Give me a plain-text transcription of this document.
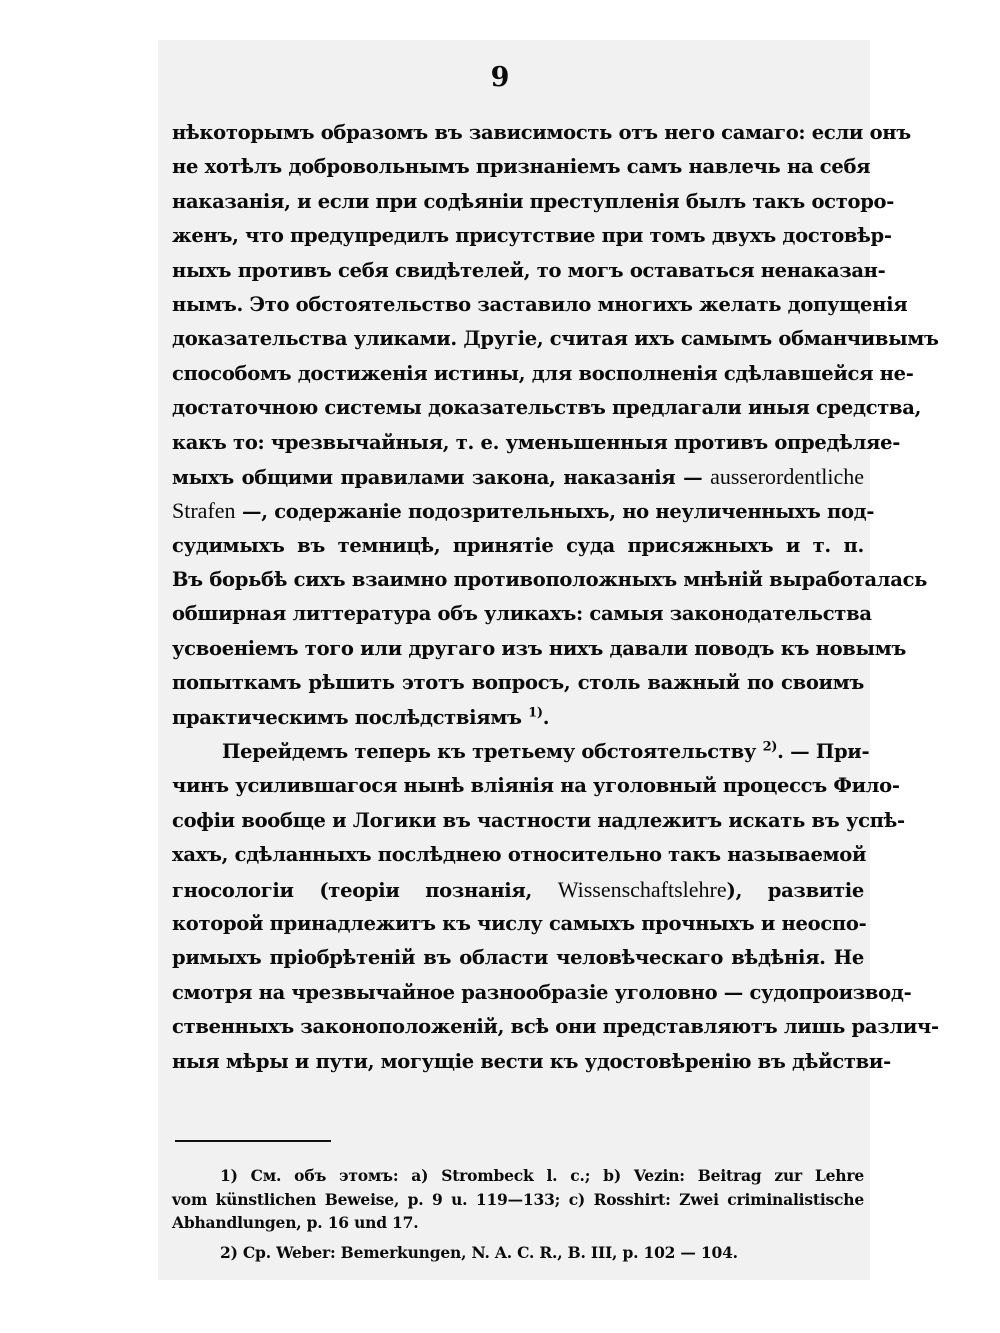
9
нѣкоторымъ образомъ въ зависимость отъ него самаго: если онъ
не хотѣлъ добровольнымъ признаніемъ самъ навлечь на себя
наказанія, и если при содѣяніи преступленія былъ такъ осторо-
женъ, что предупредилъ присутствие при томъ двухъ достовѣр-
ныхъ противъ себя свидѣтелей, то могъ оставаться ненаказан-
нымъ. Это обстоятельство заставило многихъ желать допущенія
доказательства уликами. Другіе, считая ихъ самымъ обманчивымъ
способомъ достиженія истины, для восполненія сдѣлавшейся не-
достаточною системы доказательствъ предлагали иныя средства,
какъ то: чрезвычайныя, т. е. уменьшенныя противъ опредѣляе-
мыхъ общими правилами закона, наказанія — ausserordentliche
Strafen —, содержаніе подозрительныхъ, но неуличенныхъ под-
судимыхъ въ темницѣ, принятіе суда присяжныхъ и т. п.
Въ борьбѣ сихъ взаимно противоположныхъ мнѣній выработалась
обширная литтература объ уликахъ: самыя законодательства
усвоеніемъ того или другаго изъ нихъ давали поводъ къ новымъ
попыткамъ рѣшить этотъ вопросъ, столь важный по своимъ
практическимъ послѣдствіямъ $^{1)}$.
Перейдемъ теперь къ третьему обстоятельству $^{2)}$. — При-
чинъ усилившагося нынѣ вліянія на уголовный процессъ Фило-
софіи вообще и Логики въ частности надлежитъ искать въ успѣ-
хахъ, сдѣланныхъ послѣднею относительно такъ называемой
гносологіи (теоріи познанія, Wissenschaftslehre), развитіе
которой принадлежитъ къ числу самыхъ прочныхъ и неоспо-
римыхъ пріобрѣтеній въ области человѣческаго вѣдѣнія. Не
смотря на чрезвычайное разнообразіе уголовно — судопроизвод-
ственныхъ законоположеній, всѣ они представляютъ лишь различ-
ныя мѣры и пути, могущіе вести къ удостовѣренію въ дѣйстви-
1) См. объ этомъ: a) Strombeck l. c.; b) Vezin: Beitrag zur Lehre
vom künstlichen Beweise, p. 9 u. 119—133; c) Rosshirt: Zwei criminalistische
Abhandlungen, p. 16 und 17.
2) Cp. Weber: Bemerkungen, N. A. C. R., B. III, p. 102 — 104.
